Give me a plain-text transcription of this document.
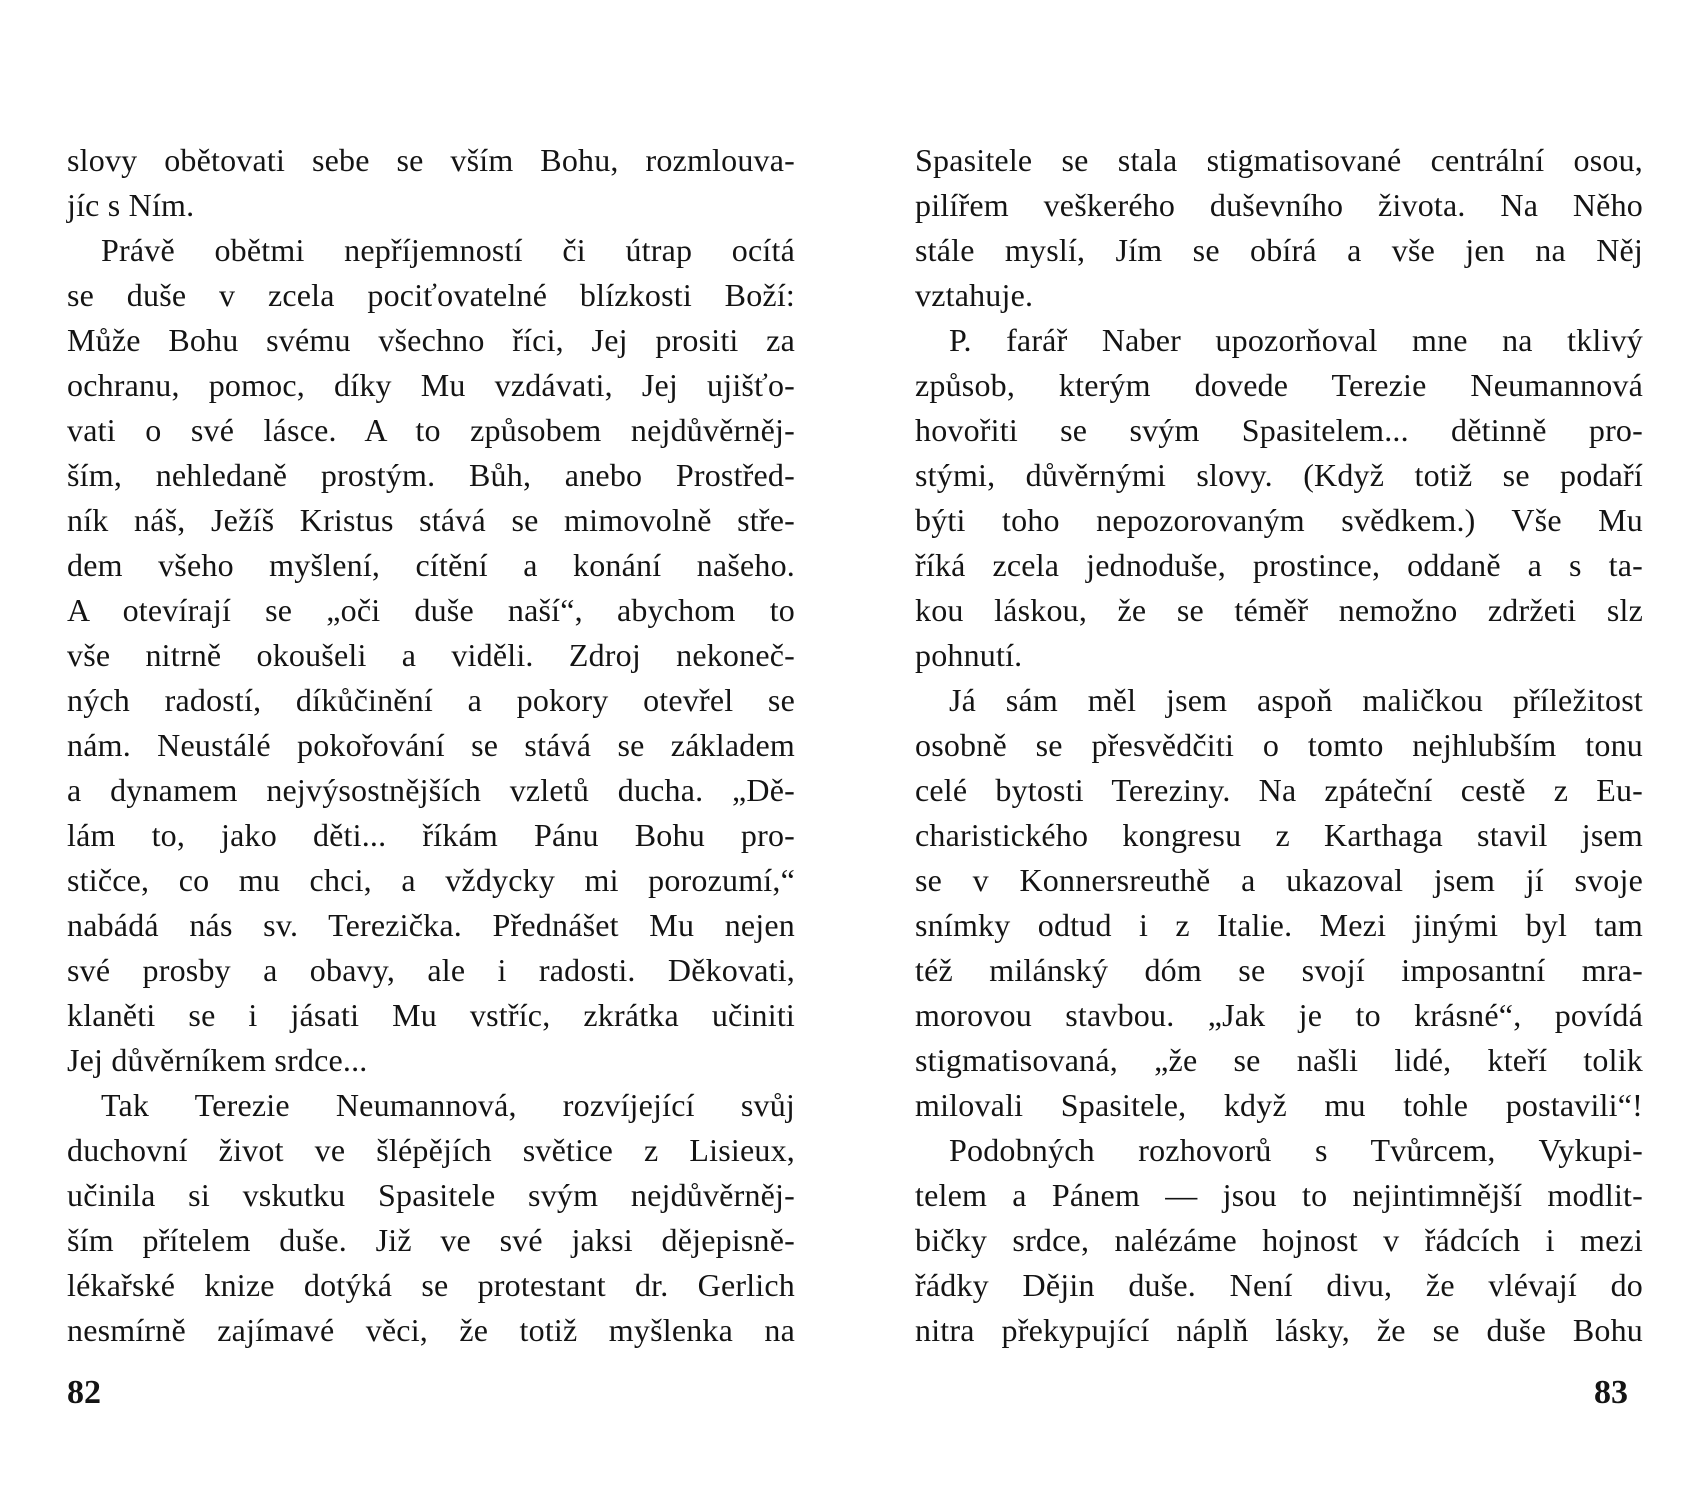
slovy obětovati sebe se vším Bohu, rozmlouva-
jíc s Ním.
Právě obětmi nepříjemností či útrap ocítá
se duše v zcela pociťovatelné blízkosti Boží:
Může Bohu svému všechno říci, Jej prositi za
ochranu, pomoc, díky Mu vzdávati, Jej ujišťo-
vati o své lásce. A to způsobem nejdůvěrněj-
ším, nehledaně prostým. Bůh, anebo Prostřed-
ník náš, Ježíš Kristus stává se mimovolně stře-
dem všeho myšlení, cítění a konání našeho.
A otevírají se „oči duše naší“, abychom to
vše nitrně okoušeli a viděli. Zdroj nekoneč-
ných radostí, díkůčinění a pokory otevřel se
nám. Neustálé pokořování se stává se základem
a dynamem nejvýsostnějších vzletů ducha. „Dě-
lám to, jako děti... říkám Pánu Bohu pro-
stičce, co mu chci, a vždycky mi porozumí,“
nabádá nás sv. Terezička. Přednášet Mu nejen
své prosby a obavy, ale i radosti. Děkovati,
klaněti se i jásati Mu vstříc, zkrátka učiniti
Jej důvěrníkem srdce...
Tak Terezie Neumannová, rozvíjející svůj
duchovní život ve šlépějích světice z Lisieux,
učinila si vskutku Spasitele svým nejdůvěrněj-
ším přítelem duše. Již ve své jaksi dějepisně-
lékařské knize dotýká se protestant dr. Gerlich
nesmírně zajímavé věci, že totiž myšlenka na
Spasitele se stala stigmatisované centrální osou,
pilířem veškerého duševního života. Na Něho
stále myslí, Jím se obírá a vše jen na Něj
vztahuje.
P. farář Naber upozorňoval mne na tklivý
způsob, kterým dovede Terezie Neumannová
hovořiti se svým Spasitelem... dětinně pro-
stými, důvěrnými slovy. (Když totiž se podaří
býti toho nepozorovaným svědkem.) Vše Mu
říká zcela jednoduše, prostince, oddaně a s ta-
kou láskou, že se téměř nemožno zdržeti slz
pohnutí.
Já sám měl jsem aspoň maličkou příležitost
osobně se přesvědčiti o tomto nejhlubším tonu
celé bytosti Tereziny. Na zpáteční cestě z Eu-
charistického kongresu z Karthaga stavil jsem
se v Konnersreuthě a ukazoval jsem jí svoje
snímky odtud i z Italie. Mezi jinými byl tam
též milánský dóm se svojí imposantní mra-
morovou stavbou. „Jak je to krásné“, povídá
stigmatisovaná, „že se našli lidé, kteří tolik
milovali Spasitele, když mu tohle postavili“!
Podobných rozhovorů s Tvůrcem, Vykupi-
telem a Pánem — jsou to nejintimnější modlit-
bičky srdce, nalézáme hojnost v řádcích i mezi
řádky Dějin duše. Není divu, že vlévají do
nitra překypující náplň lásky, že se duše Bohu
82	83
